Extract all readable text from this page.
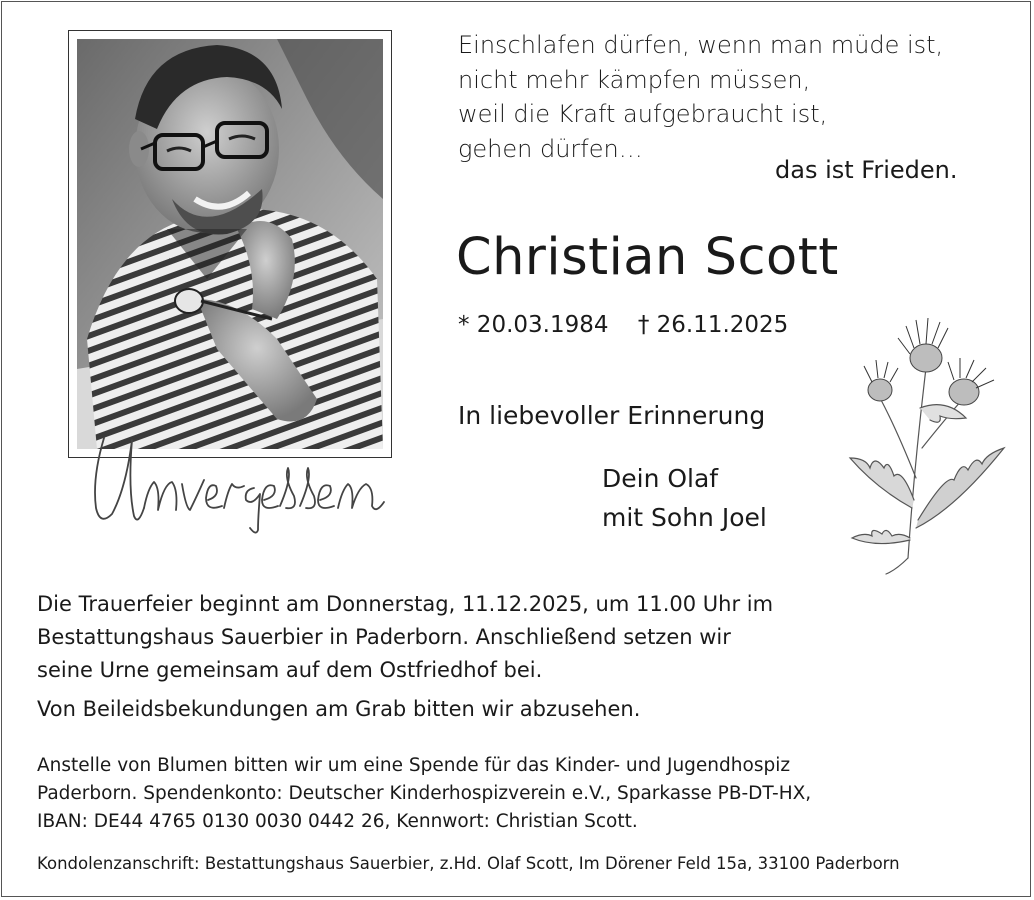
Unvergessen
Einschlafen dürfen, wenn man müde ist,
nicht mehr kämpfen müssen,
weil die Kraft aufgebraucht ist,
gehen dürfen…
das ist Frieden.
Christian Scott
* 20.03.1984 † 26.11.2025
In liebevoller Erinnerung
Dein Olaf
mit Sohn Joel
Die Trauerfeier beginnt am Donnerstag, 11.12.2025, um 11.00 Uhr im
Bestattungshaus Sauerbier in Paderborn. Anschließend setzen wir
seine Urne gemeinsam auf dem Ostfriedhof bei.
Von Beileidsbekundungen am Grab bitten wir abzusehen.
Anstelle von Blumen bitten wir um eine Spende für das Kinder- und Jugendhospiz
Paderborn. Spendenkonto: Deutscher Kinderhospizverein e.V., Sparkasse PB-DT-HX,
IBAN: DE44 4765 0130 0030 0442 26, Kennwort: Christian Scott.
Kondolenzanschrift: Bestattungshaus Sauerbier, z.Hd. Olaf Scott, Im Dörener Feld 15a, 33100 Paderborn
